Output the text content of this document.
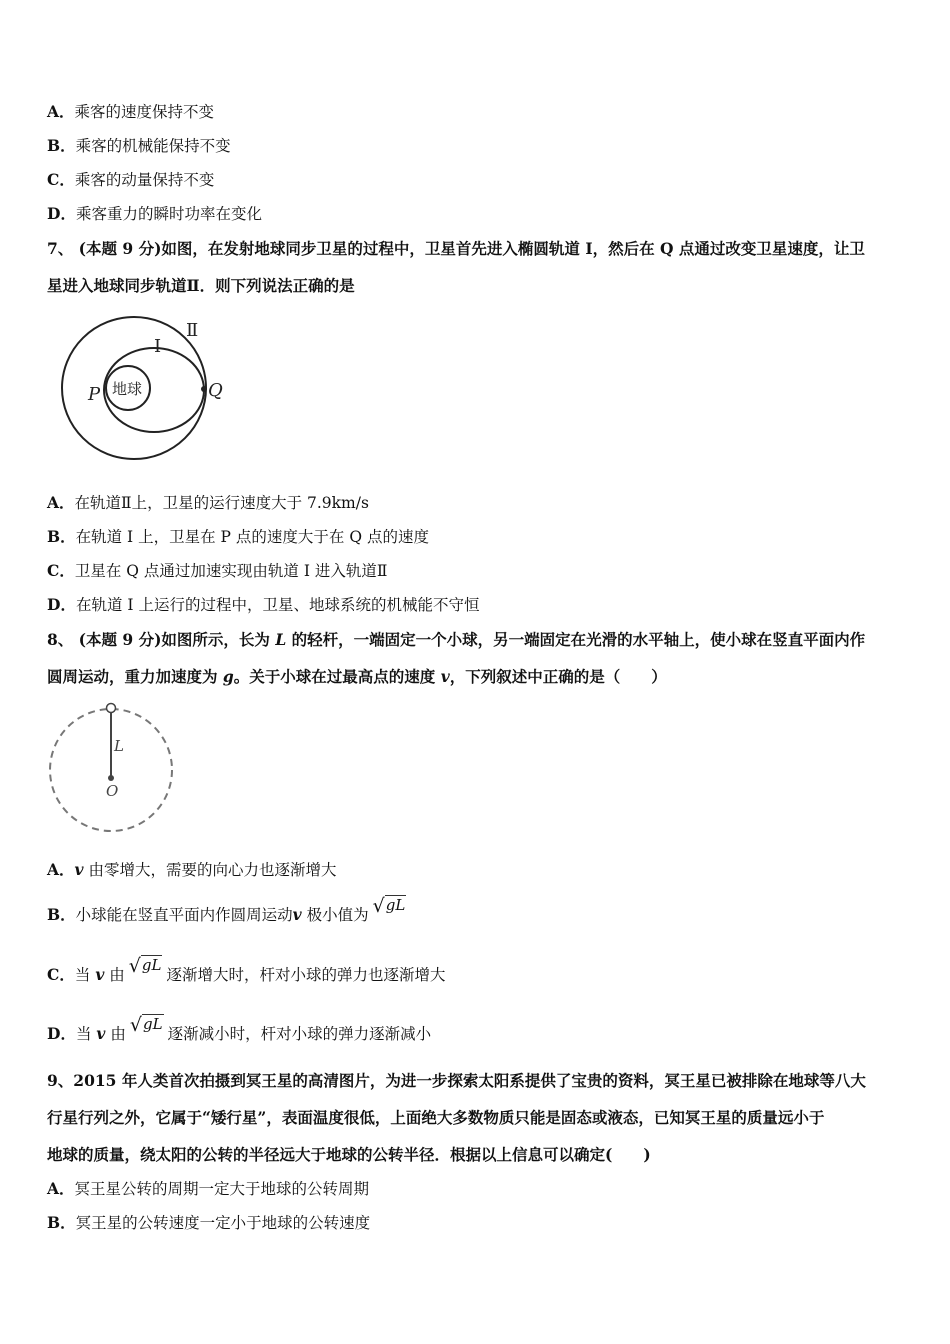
A．乘客的速度保持不变
B．乘客的机械能保持不变
C．乘客的动量保持不变
D．乘客重力的瞬时功率在变化
7、 (本题 9 分)如图，在发射地球同步卫星的过程中，卫星首先进入椭圆轨道 I，然后在 Q 点通过改变卫星速度，让卫
星进入地球同步轨道Ⅱ．则下列说法正确的是
地球
Ⅱ
I
P	Q
A．在轨道Ⅱ上，卫星的运行速度大于 7.9km/s
B．在轨道 I 上，卫星在 P 点的速度大于在 Q 点的速度
C．卫星在 Q 点通过加速实现由轨道 I 进入轨道Ⅱ
D．在轨道 I 上运行的过程中，卫星、地球系统的机械能不守恒
8、 (本题 9 分)如图所示，长为 L 的轻杆，一端固定一个小球，另一端固定在光滑的水平轴上，使小球在竖直平面内作
圆周运动，重力加速度为 g。关于小球在过最高点的速度 v，下列叙述中正确的是（　　）
L
O
A．v 由零增大，需要的向心力也逐渐增大
B．小球能在竖直平面内作圆周运动v 极小值为 √gL
C．当 v 由 √gL逐渐增大时，杆对小球的弹力也逐渐增大
D．当 v 由 √gL逐渐减小时，杆对小球的弹力逐渐减小
9、2015 年人类首次拍摄到冥王星的高清图片，为进一步探索太阳系提供了宝贵的资料，冥王星已被排除在地球等八大
行星行列之外，它属于“矮行星”，表面温度很低，上面绝大多数物质只能是固态或液态，已知冥王星的质量远小于
地球的质量，绕太阳的公转的半径远大于地球的公转半径．根据以上信息可以确定(　　)
A．冥王星公转的周期一定大于地球的公转周期
B．冥王星的公转速度一定小于地球的公转速度
